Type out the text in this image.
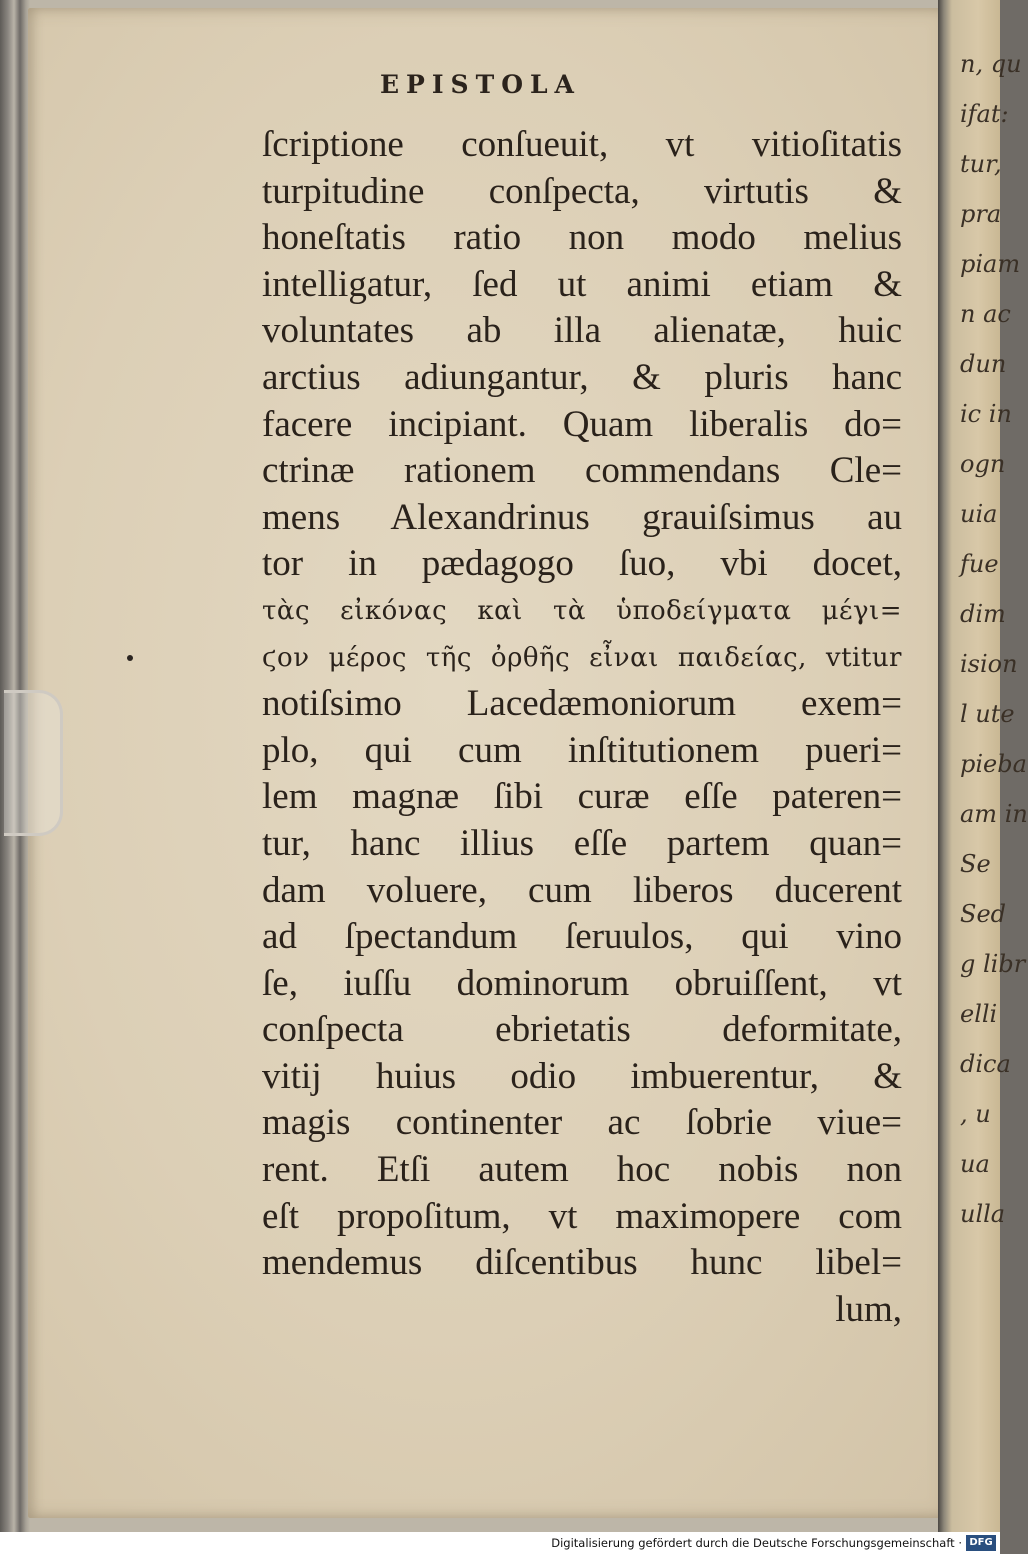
n, qu
ifat:
tur,
pra
piam
n ac
dun
ic in
ogn
uia
fue
dim
ision
l ute
pieba
am in
Se
Sed
g libr
elli
dica
, u
ua
ulla
EPISTOLA
ſcriptione conſueuit, vt vitioſitatis
turpitudine conſpecta, virtutis &
honeſtatis ratio non modo melius
intelligatur, ſed ut animi etiam &
voluntates ab illa alienatæ, huic
arctius adiungantur, & pluris hanc
facere incipiant. Quam liberalis do=
ctrinæ rationem commendans Cle=
mens Alexandrinus grauiſsimus au
tor in pædagogo ſuo, vbi docet,
τὰς εἰκόνας καὶ τὰ ὑποδείγματα μέγι=
ϛον μέρος τῆς ὀρθῆς εἶναι παιδείας, vtitur
notiſsimo Lacedæmoniorum exem=
plo, qui cum inſtitutionem pueri=
lem magnæ ſibi curæ eſſe pateren=
tur, hanc illius eſſe partem quan=
dam voluere, cum liberos ducerent
ad ſpectandum ſeruulos, qui vino
ſe, iuſſu dominorum obruiſſent, vt
conſpecta ebrietatis deformitate,
vitij huius odio imbuerentur, &
magis continenter ac ſobrie viue=
rent. Etſi autem hoc nobis non
eſt propoſitum, vt maximopere com
mendemus diſcentibus hunc libel=
lum,
Digitalisierung gefördert durch die Deutsche Forschungsgemeinschaft · DFG
